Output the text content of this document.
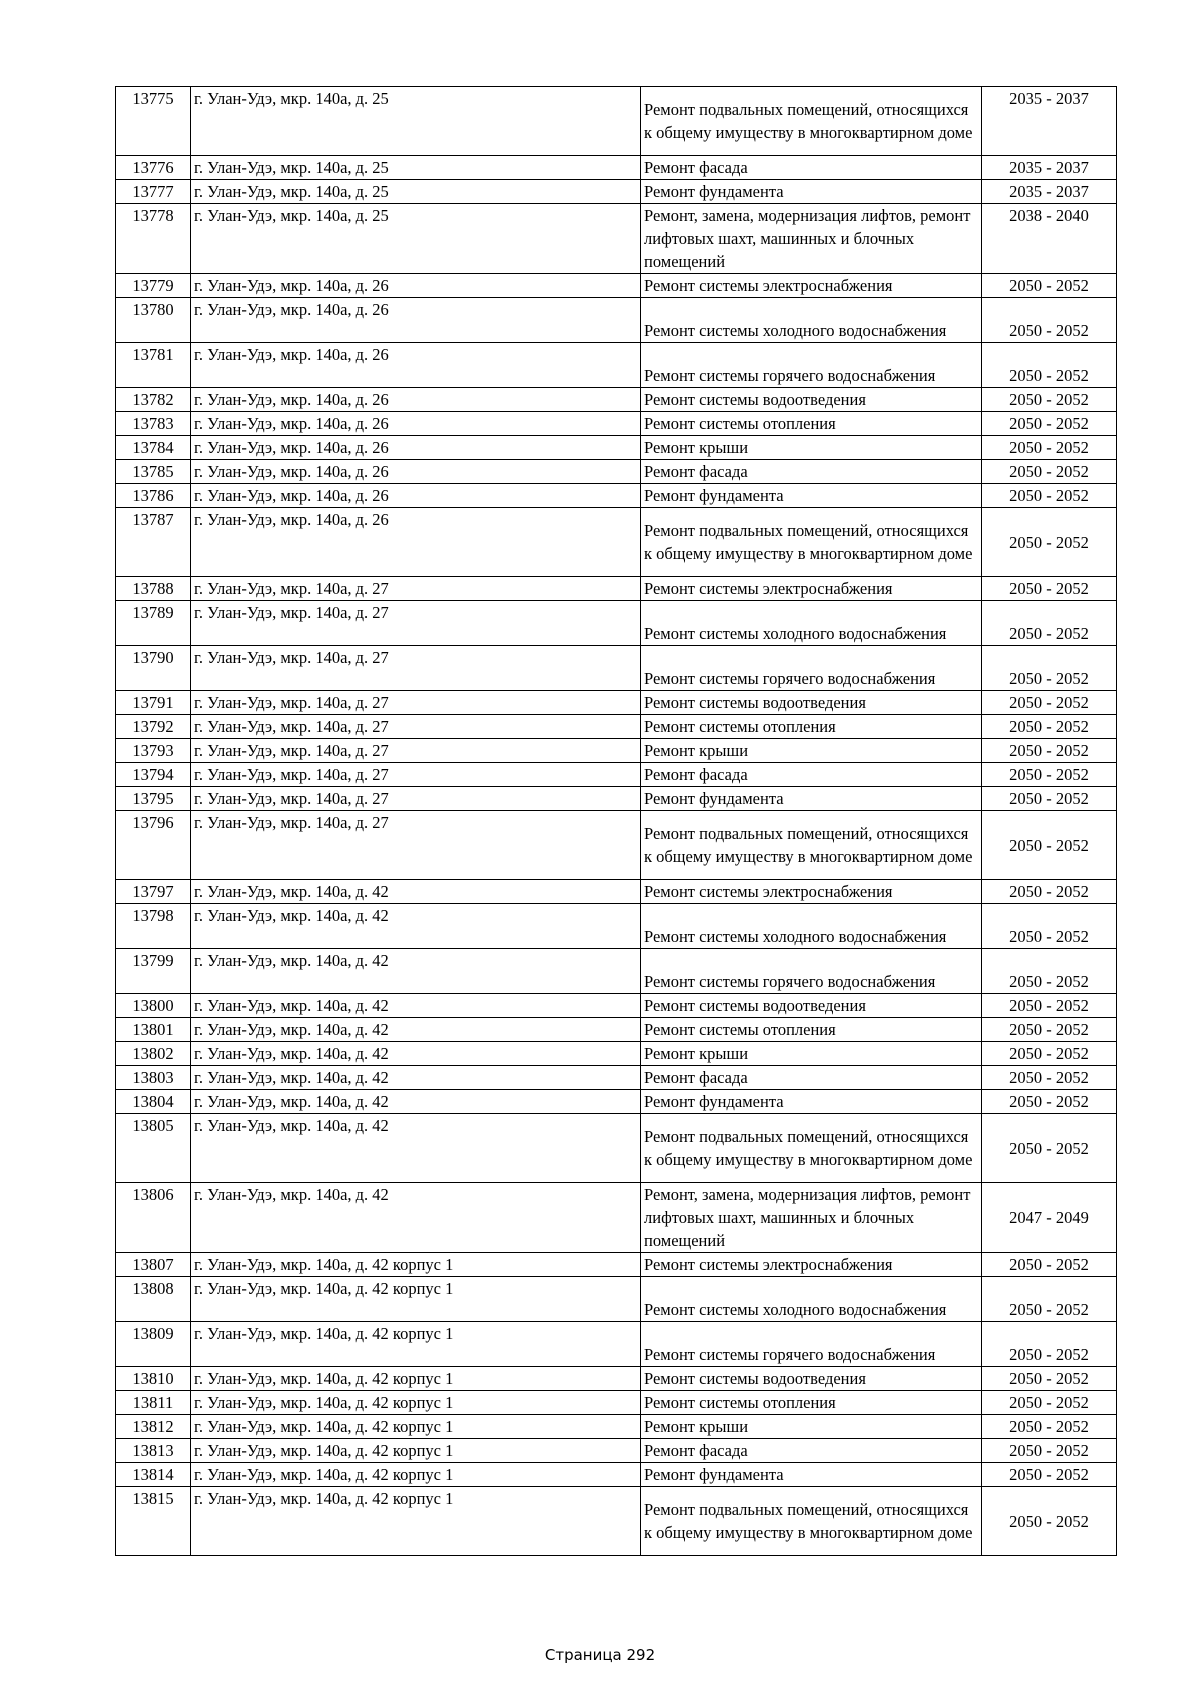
13775	г. Улан-Удэ, мкр. 140а, д. 25	Ремонт подвальных помещений, относящихся к общему имуществу в многоквартирном доме	2035 - 2037
13776	г. Улан-Удэ, мкр. 140а, д. 25	Ремонт фасада	2035 - 2037
13777	г. Улан-Удэ, мкр. 140а, д. 25	Ремонт фундамента	2035 - 2037
13778	г. Улан-Удэ, мкр. 140а, д. 25	Ремонт, замена, модернизация лифтов, ремонт лифтовых шахт, машинных и блочных помещений	2038 - 2040
13779	г. Улан-Удэ, мкр. 140а, д. 26	Ремонт системы электроснабжения	2050 - 2052
13780	г. Улан-Удэ, мкр. 140а, д. 26	Ремонт системы холодного водоснабжения	2050 - 2052
13781	г. Улан-Удэ, мкр. 140а, д. 26	Ремонт системы горячего водоснабжения	2050 - 2052
13782	г. Улан-Удэ, мкр. 140а, д. 26	Ремонт системы водоотведения	2050 - 2052
13783	г. Улан-Удэ, мкр. 140а, д. 26	Ремонт системы отопления	2050 - 2052
13784	г. Улан-Удэ, мкр. 140а, д. 26	Ремонт крыши	2050 - 2052
13785	г. Улан-Удэ, мкр. 140а, д. 26	Ремонт фасада	2050 - 2052
13786	г. Улан-Удэ, мкр. 140а, д. 26	Ремонт фундамента	2050 - 2052
13787	г. Улан-Удэ, мкр. 140а, д. 26	Ремонт подвальных помещений, относящихся к общему имуществу в многоквартирном доме	2050 - 2052
13788	г. Улан-Удэ, мкр. 140а, д. 27	Ремонт системы электроснабжения	2050 - 2052
13789	г. Улан-Удэ, мкр. 140а, д. 27	Ремонт системы холодного водоснабжения	2050 - 2052
13790	г. Улан-Удэ, мкр. 140а, д. 27	Ремонт системы горячего водоснабжения	2050 - 2052
13791	г. Улан-Удэ, мкр. 140а, д. 27	Ремонт системы водоотведения	2050 - 2052
13792	г. Улан-Удэ, мкр. 140а, д. 27	Ремонт системы отопления	2050 - 2052
13793	г. Улан-Удэ, мкр. 140а, д. 27	Ремонт крыши	2050 - 2052
13794	г. Улан-Удэ, мкр. 140а, д. 27	Ремонт фасада	2050 - 2052
13795	г. Улан-Удэ, мкр. 140а, д. 27	Ремонт фундамента	2050 - 2052
13796	г. Улан-Удэ, мкр. 140а, д. 27	Ремонт подвальных помещений, относящихся к общему имуществу в многоквартирном доме	2050 - 2052
13797	г. Улан-Удэ, мкр. 140а, д. 42	Ремонт системы электроснабжения	2050 - 2052
13798	г. Улан-Удэ, мкр. 140а, д. 42	Ремонт системы холодного водоснабжения	2050 - 2052
13799	г. Улан-Удэ, мкр. 140а, д. 42	Ремонт системы горячего водоснабжения	2050 - 2052
13800	г. Улан-Удэ, мкр. 140а, д. 42	Ремонт системы водоотведения	2050 - 2052
13801	г. Улан-Удэ, мкр. 140а, д. 42	Ремонт системы отопления	2050 - 2052
13802	г. Улан-Удэ, мкр. 140а, д. 42	Ремонт крыши	2050 - 2052
13803	г. Улан-Удэ, мкр. 140а, д. 42	Ремонт фасада	2050 - 2052
13804	г. Улан-Удэ, мкр. 140а, д. 42	Ремонт фундамента	2050 - 2052
13805	г. Улан-Удэ, мкр. 140а, д. 42	Ремонт подвальных помещений, относящихся к общему имуществу в многоквартирном доме	2050 - 2052
13806	г. Улан-Удэ, мкр. 140а, д. 42	Ремонт, замена, модернизация лифтов, ремонт лифтовых шахт, машинных и блочных помещений	2047 - 2049
13807	г. Улан-Удэ, мкр. 140а, д. 42 корпус 1	Ремонт системы электроснабжения	2050 - 2052
13808	г. Улан-Удэ, мкр. 140а, д. 42 корпус 1	Ремонт системы холодного водоснабжения	2050 - 2052
13809	г. Улан-Удэ, мкр. 140а, д. 42 корпус 1	Ремонт системы горячего водоснабжения	2050 - 2052
13810	г. Улан-Удэ, мкр. 140а, д. 42 корпус 1	Ремонт системы водоотведения	2050 - 2052
13811	г. Улан-Удэ, мкр. 140а, д. 42 корпус 1	Ремонт системы отопления	2050 - 2052
13812	г. Улан-Удэ, мкр. 140а, д. 42 корпус 1	Ремонт крыши	2050 - 2052
13813	г. Улан-Удэ, мкр. 140а, д. 42 корпус 1	Ремонт фасада	2050 - 2052
13814	г. Улан-Удэ, мкр. 140а, д. 42 корпус 1	Ремонт фундамента	2050 - 2052
13815	г. Улан-Удэ, мкр. 140а, д. 42 корпус 1	Ремонт подвальных помещений, относящихся к общему имуществу в многоквартирном доме	2050 - 2052
Страница 292
